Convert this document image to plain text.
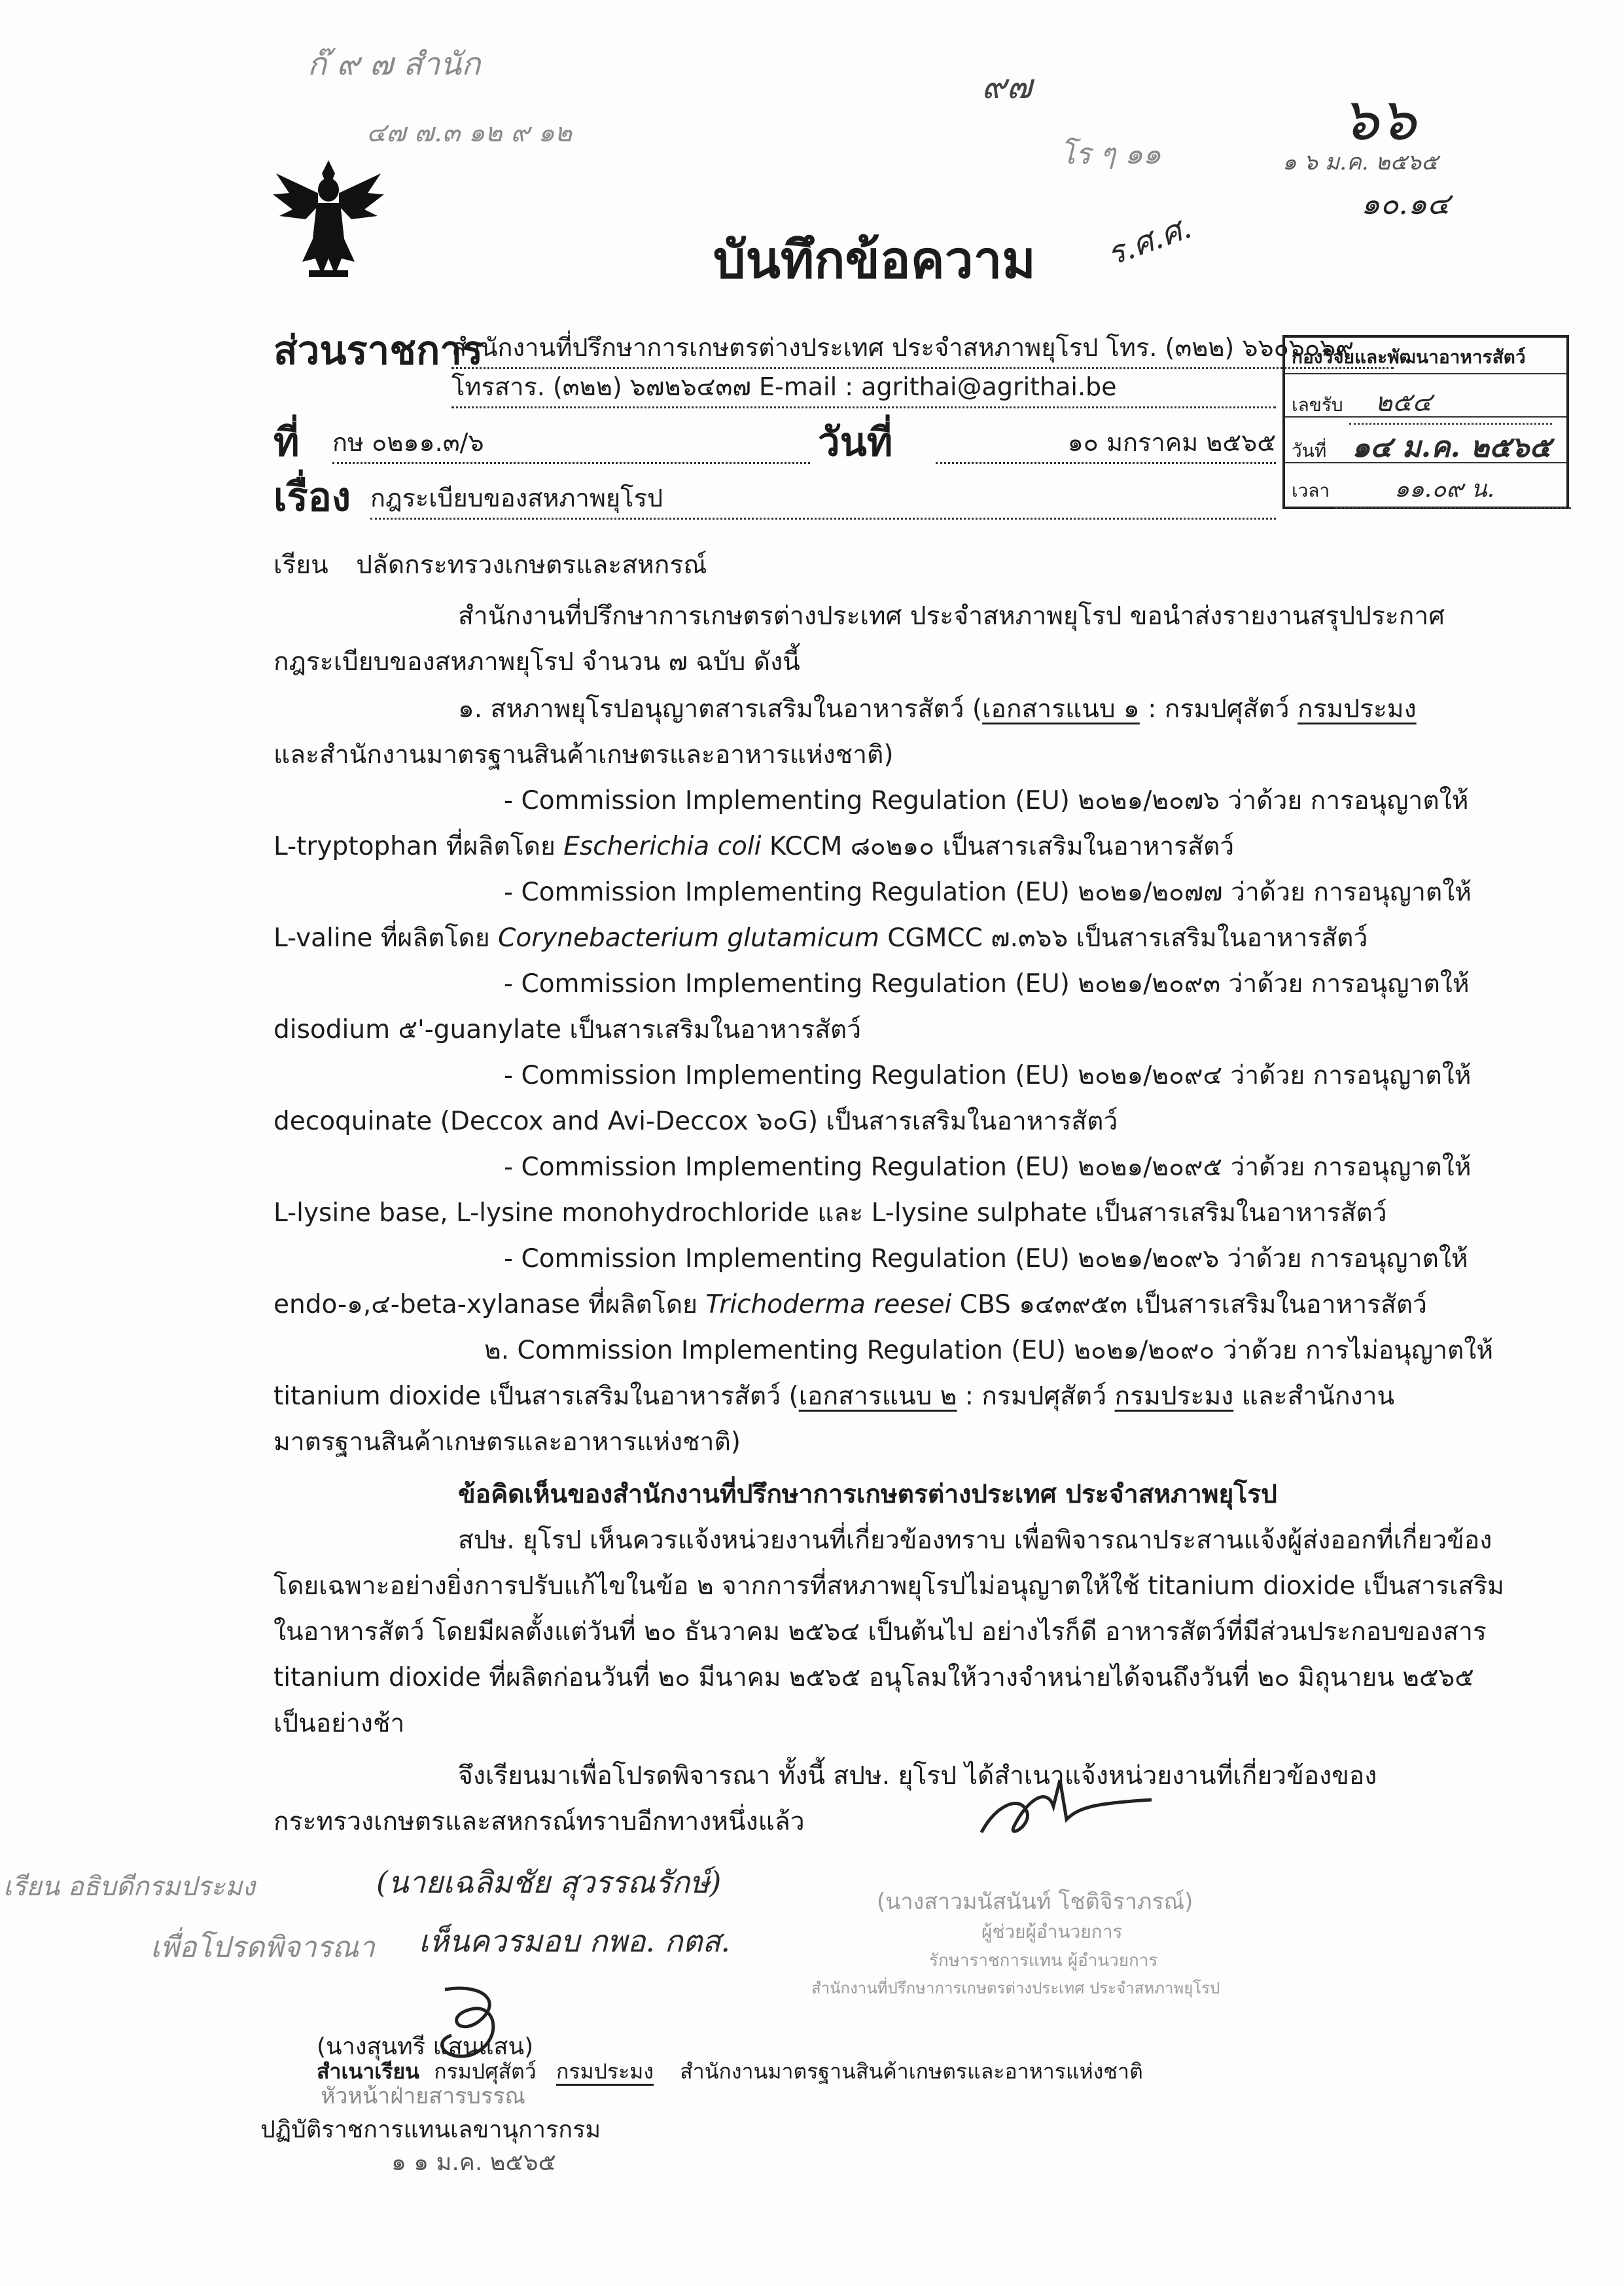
ก๊ ๙ ๗ สำนัก
๔๗ ๗.๓ ๑๒ ๙ ๑๒
๙๗
โร ๆ ๑๑
๖๖
๑ ๖ ม.ค. ๒๕๖๕
๑๐.๑๔
บันทึกข้อความ ร.ศ.ศ.
ส่วนราชการ
สำนักงานที่ปรึกษาการเกษตรต่างประเทศ ประจำสหภาพยุโรป โทร. (๓๒๒) ๖๖๐๖๐๖๙
โทรสาร. (๓๒๒) ๖๗๒๖๔๓๗ E-mail : agrithai@agrithai.be
ที่ กษ ๐๒๑๑.๓/๖	วันที่	๑๐ มกราคม ๒๕๖๕
เรื่อง กฎระเบียบของสหภาพยุโรป
กองวิจัยและพัฒนาอาหารสัตว์
เลขรับ ๒๕๔
วันที่ ๑๔ ม.ค. ๒๕๖๕
เวลา	๑๑.๐๙ น.
เรียน ปลัดกระทรวงเกษตรและสหกรณ์
สำนักงานที่ปรึกษาการเกษตรต่างประเทศ ประจำสหภาพยุโรป ขอนำส่งรายงานสรุปประกาศ
กฎระเบียบของสหภาพยุโรป จำนวน ๗ ฉบับ ดังนี้
๑. สหภาพยุโรปอนุญาตสารเสริมในอาหารสัตว์ (เอกสารแนบ ๑ : กรมปศุสัตว์ กรมประมง
และสำนักงานมาตรฐานสินค้าเกษตรและอาหารแห่งชาติ)
- Commission Implementing Regulation (EU) ๒๐๒๑/๒๐๗๖ ว่าด้วย การอนุญาตให้
L-tryptophan ที่ผลิตโดย Escherichia coli KCCM ๘๐๒๑๐ เป็นสารเสริมในอาหารสัตว์
- Commission Implementing Regulation (EU) ๒๐๒๑/๒๐๗๗ ว่าด้วย การอนุญาตให้
L-valine ที่ผลิตโดย Corynebacterium glutamicum CGMCC ๗.๓๖๖ เป็นสารเสริมในอาหารสัตว์
- Commission Implementing Regulation (EU) ๒๐๒๑/๒๐๙๓ ว่าด้วย การอนุญาตให้
disodium ๕'-guanylate เป็นสารเสริมในอาหารสัตว์
- Commission Implementing Regulation (EU) ๒๐๒๑/๒๐๙๔ ว่าด้วย การอนุญาตให้
decoquinate (Deccox and Avi-Deccox ๖๐G) เป็นสารเสริมในอาหารสัตว์
- Commission Implementing Regulation (EU) ๒๐๒๑/๒๐๙๕ ว่าด้วย การอนุญาตให้
L-lysine base, L-lysine monohydrochloride และ L-lysine sulphate เป็นสารเสริมในอาหารสัตว์
- Commission Implementing Regulation (EU) ๒๐๒๑/๒๐๙๖ ว่าด้วย การอนุญาตให้
endo-๑,๔-beta-xylanase ที่ผลิตโดย Trichoderma reesei CBS ๑๔๓๙๕๓ เป็นสารเสริมในอาหารสัตว์
๒. Commission Implementing Regulation (EU) ๒๐๒๑/๒๐๙๐ ว่าด้วย การไม่อนุญาตให้
titanium dioxide เป็นสารเสริมในอาหารสัตว์ (เอกสารแนบ ๒ : กรมปศุสัตว์ กรมประมง และสำนักงาน
มาตรฐานสินค้าเกษตรและอาหารแห่งชาติ)
ข้อคิดเห็นของสำนักงานที่ปรึกษาการเกษตรต่างประเทศ ประจำสหภาพยุโรป
สปษ. ยุโรป เห็นควรแจ้งหน่วยงานที่เกี่ยวข้องทราบ เพื่อพิจารณาประสานแจ้งผู้ส่งออกที่เกี่ยวข้อง
โดยเฉพาะอย่างยิ่งการปรับแก้ไขในข้อ ๒ จากการที่สหภาพยุโรปไม่อนุญาตให้ใช้ titanium dioxide เป็นสารเสริม
ในอาหารสัตว์ โดยมีผลตั้งแต่วันที่ ๒๐ ธันวาคม ๒๕๖๔ เป็นต้นไป อย่างไรก็ดี อาหารสัตว์ที่มีส่วนประกอบของสาร
titanium dioxide ที่ผลิตก่อนวันที่ ๒๐ มีนาคม ๒๕๖๕ อนุโลมให้วางจำหน่ายได้จนถึงวันที่ ๒๐ มิถุนายน ๒๕๖๕
เป็นอย่างช้า
จึงเรียนมาเพื่อโปรดพิจารณา ทั้งนี้ สปษ. ยุโรป ได้สำเนาแจ้งหน่วยงานที่เกี่ยวข้องของ
กระทรวงเกษตรและสหกรณ์ทราบอีกทางหนึ่งแล้ว
เรียน อธิบดีกรมประมง	(นายเฉลิมชัย สุวรรณรักษ์)
เพื่อโปรดพิจารณา เห็นควรมอบ กพอ. กตส.
(นางสาวมนัสนันท์ โชติจิราภรณ์)
ผู้ช่วยผู้อำนวยการ
รักษาราชการแทน ผู้อำนวยการ
สำนักงานที่ปรึกษาการเกษตรต่างประเทศ ประจำสหภาพยุโรป
(นางสุนทรี แสนแสน)
หัวหน้าฝ่ายสารบรรณ
ปฏิบัติราชการแทนเลขานุการกรม
๑ ๑ ม.ค. ๒๕๖๕
สำเนาเรียน กรมปศุสัตว์ กรมประมง สำนักงานมาตรฐานสินค้าเกษตรและอาหารแห่งชาติ
